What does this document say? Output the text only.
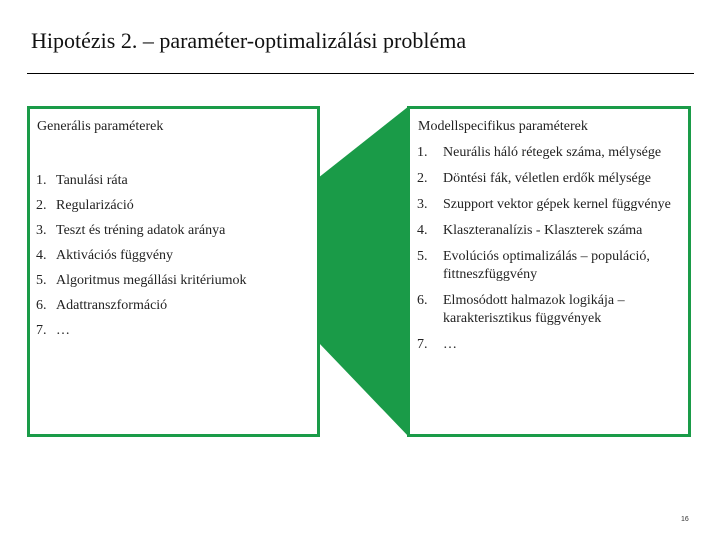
Hipotézis 2. – paraméter-optimalizálási probléma
Generális paraméterek
1. Tanulási ráta
2. Regularizáció
3. Teszt és tréning adatok aránya
4. Aktivációs függvény
5. Algoritmus megállási kritériumok
6. Adattranszformáció
7. …
Modellspecifikus paraméterek
1.	Neurális háló rétegek száma, mélysége
2.	Döntési fák, véletlen erdők mélysége
3.	Szupport vektor gépek kernel függvénye
4.	Klaszteranalízis - Klaszterek száma
5.	Evolúciós optimalizálás – populáció, fittneszfüggvény
6.	Elmosódott halmazok logikája – karakterisztikus függvények
7.	…
16
